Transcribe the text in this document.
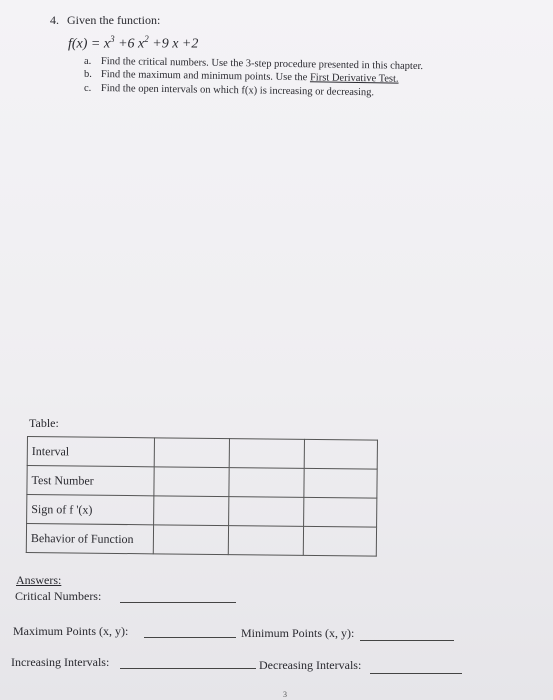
4. Given the function:
$f(x) = x^3 +6$ $x^2 +9$ x +2
a. Find the critical numbers. Use the 3-step procedure presented in this chapter.
b. Find the maximum and minimum points. Use the First Derivative Test.
c. Find the open intervals on which f(x) is increasing or decreasing.
Table:
Interval			
Test Number			
Sign of f '(x)			
Behavior of Function			
Answers:
Critical Numbers:
Maximum Points (x, y):	Minimum Points (x, y):
Increasing Intervals:	Decreasing Intervals:
3
